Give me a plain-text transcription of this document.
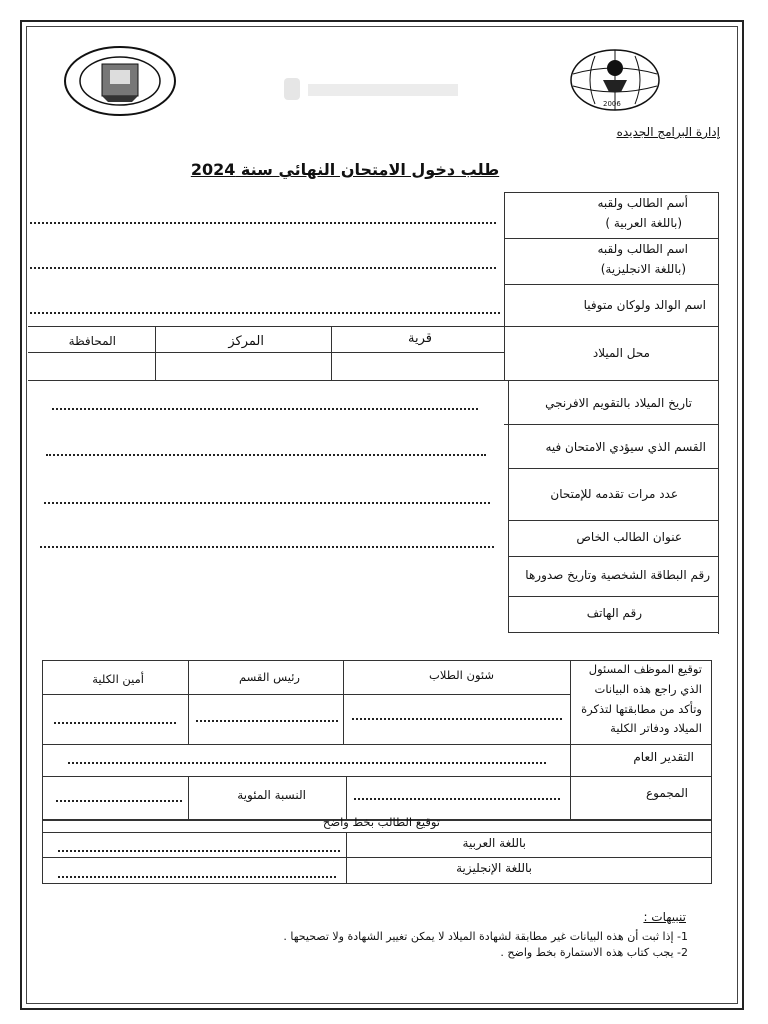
2006
إدارة البرامج الجديده
طلب دخول الامتحان النهائي سنة 2024
أسم الطالب ولقبه
(باللغة العربية )
اسم الطالب ولقبه
(باللغة الانجليزية)
اسم الوالد ولوكان متوفيا
محل الميلاد
تاريخ الميلاد بالتقويم الافرنجي
القسم الذي سيؤدي الامتحان فيه
عدد مرات تقدمه للإمتحان
عنوان الطالب الخاص
رقم البطاقة الشخصية وتاريخ صدورها
رقم الهاتف
قرية
المركز
المحافظة
توقيع الموظف المسئول
الذي راجع هذه البيانات
وتأكد من مطابقتها لتذكرة
الميلاد ودفاتر الكلية
شئون الطلاب
رئيس القسم
أمين الكلية
التقدير العام
المجموع
النسبة المئوية
توقيع الطالب بخط واضح
باللغة العربية
باللغة الإنجليزية
تنبيهات :
1- إذا ثبت أن هذه البيانات غير مطابقة لشهادة الميلاد لا يمكن تغيير الشهادة ولا تصحيحها .
2- يجب كتاب هذه الاستمارة بخط واضح .
